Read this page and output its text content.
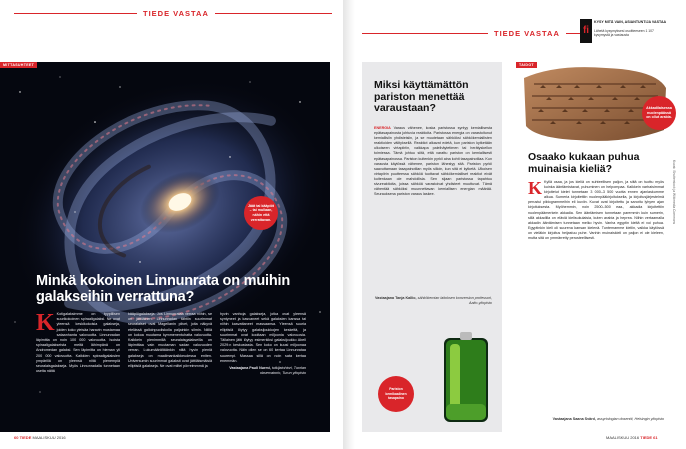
TIEDE VASTAA
MITTASUHTEET
Jäät tai kääpiöt – tai mullaan, nähin että verrattavan.
Minkä kokoinen Linnunrata on muihin galakseihin verrattuna?
K Kotigalaksimme on tyypillisen suurikokoinen spiraaligalaksi. Ne ovat yleensä keskikokoisia galakseja, joiden koko yleisäa haravin mustamaa sataanhanta valovuotta. Linnunradan läpimitta on noin 100 000 valovuotta. Isoista spiraaligalakseista meitä lähimpänä on Andromedan galaksi. Sen läpimitta on hieman yli 200 000 valovuotta. Kaikkien spiraaligalaksien ympärillä on yleensä niitä pienempiä seuralaisgalakseja. Myös Linnunradalla tunnetaan useita näitä
kääpiögalakseja. Jos Linnunrataa verraa niihin, se on jättiläinen. Linnunradan tähtiin suurimmat seuralaiset ovat Magellanin pilvet, joita näkyvä etelässä galloinpuoliskolla paljainkin silmin. Niillä on kokoa muutama kymmenentuhatta valovuotta. Kaikkein pienimmillä seuralaisgalakseilla on läpimittaa vain muutaman sadan valovuoden verran. Lukumäärältäänkin niitä hyvin pieniä galakseja on maailmankaikkeudessa eniten. Universumin suurimmat galaksit ovat jättiläismäisiä elliptisiä galakseja. Ne ovat miltei pörreimmmä ja
hyvin vanhoja galakseja, jotka ovat yleensä syntyneet ja kasvaneet sekä galaksien kanssa tai niihin kasvattaneet massaansa. Yleensä suuria elliptisiä löytyy galaksijoukkojen keskeltä, ja suurimmat ovat kooltaan miljoonia valovuosia. Tällainen jätti löytyy esimerkiksi galaksijoukko Abell 2029:n keskustasta. Sen koko on kuusi miljoonaa valovuotta. Näin ollen se on 60 kertaa Linnunrataa suurempi. Massaa sillä on noin sata kertaa enemmän.
Vastaajana Pauli Nurmi, tutkijatohtori, Tuorlan observatorio, Turun yliopisto
60 TIEDE MAALISKUU 2016
TIEDE VASTAA	fi
KYSY MITÄ VAIN, ASIANTUNTIJA VASTAA
Lähetä kysymyksesi osoitteeseen 1 107 kysymystä ja vastausta
Miksi käyttämättön pariston menettää varaustaan?
ENERGIA Varaus vähenee, koska paristossa syntyy kemiallisesta epätasapainosta johtuvia reaktioita. Paristossa energia on varastoitunut kemiallisiin yhdisteisiin, ja se muutetaan sähköksi sähkökemiallisten reaktioiden välityksellä. Reaktiot alkavat edetä, kun pariston kytketään ulkoiseen virtapiiriin, vaikkapa paleihäytetimen tai herätyskellon toimiessa. Tämä johtuu siitä, että varattu pariston on kemiallisesti epätasapainossa. Pariston kuitenkin pyrkii aina kohti tasapainotilaa. Kun varausta käytössä vähenee, pariston lähestyy sitä. Pariston pyrkii saavuttamaan tasapainotilan myös silloin, kun sitä ei kytketä. Ulkoisen virtapiirin puutteessa sähköä tuottavat sähkökemialliset reaktiot eivät kuitenkaan ole mahdollisia. Sen sijaan paristossa tapahtuu sivureaktioita, joissa sähköä varastoivat yhdisteet muuttuvat. Tämä vähentää sähköksi muunnettavan kemiallisen energian määrää. Seurauksena pariston varaus laskee.
Vastaajana Tanja Kallio, sähkökemian laitoksen konversion professori, Aalto-yliopisto
Pariston kemikaalinen tasapaino
TAIDOT
Akkadilaisessa nuolenpäässä on ollut arabia.
Osaako kukaan puhua muinaisia kieliä?
K Kyllä osaa, ja jos kieliä on suhteellisen paljon, ja siitä on tuottu myös kuinka ääntämistavat, puhuminen on helpompaa. Kaikkein varhaisimmat kirjoitetut kielet tunnetaan 3 000–3 500 vuotta ennen ajanlaskumme alkua. Sumeria kirjoitettiin nuolenpääkirjoituksella, ja kirjoitusjärjestelmä perustui piktogrammeihin eli kuviin. Kuvat ovat kirjoitettu ja sanottu lyhyen ajan kirjoituksesta. Myöhemmin, noin 2500–500 eaa., akkadia kirjoitettiin nuolenpäämerkein akkadia. Sen ääntämisen tunnetaan paremmin kuin sumerin, sillä akkadilla on eläviä kielisukulaisia, kuten arabia ja heprea. Niihin vertaamalla akkadin ääntämisen tunnetaan melko hyvin. Vanha egyptin kieltä ei voi puhua. Egyptinkin kieli oli suurena kansan kielenä. Tuntemamme kieliin, vaikka käytössä on vieläkin kirjoitus heijastuu puhe. Vanhin muinaiskieli on paljon ei ole kieleen, mutta sitä on ymmärretty perusteellisesti.
Vastaajana Saana Svärd, assyriologian dosentti, Helsingin yliopisto
Kuvat: Shutterstock ja Wikimedia Commons
MAALISKUU 2016 TIEDE 61
